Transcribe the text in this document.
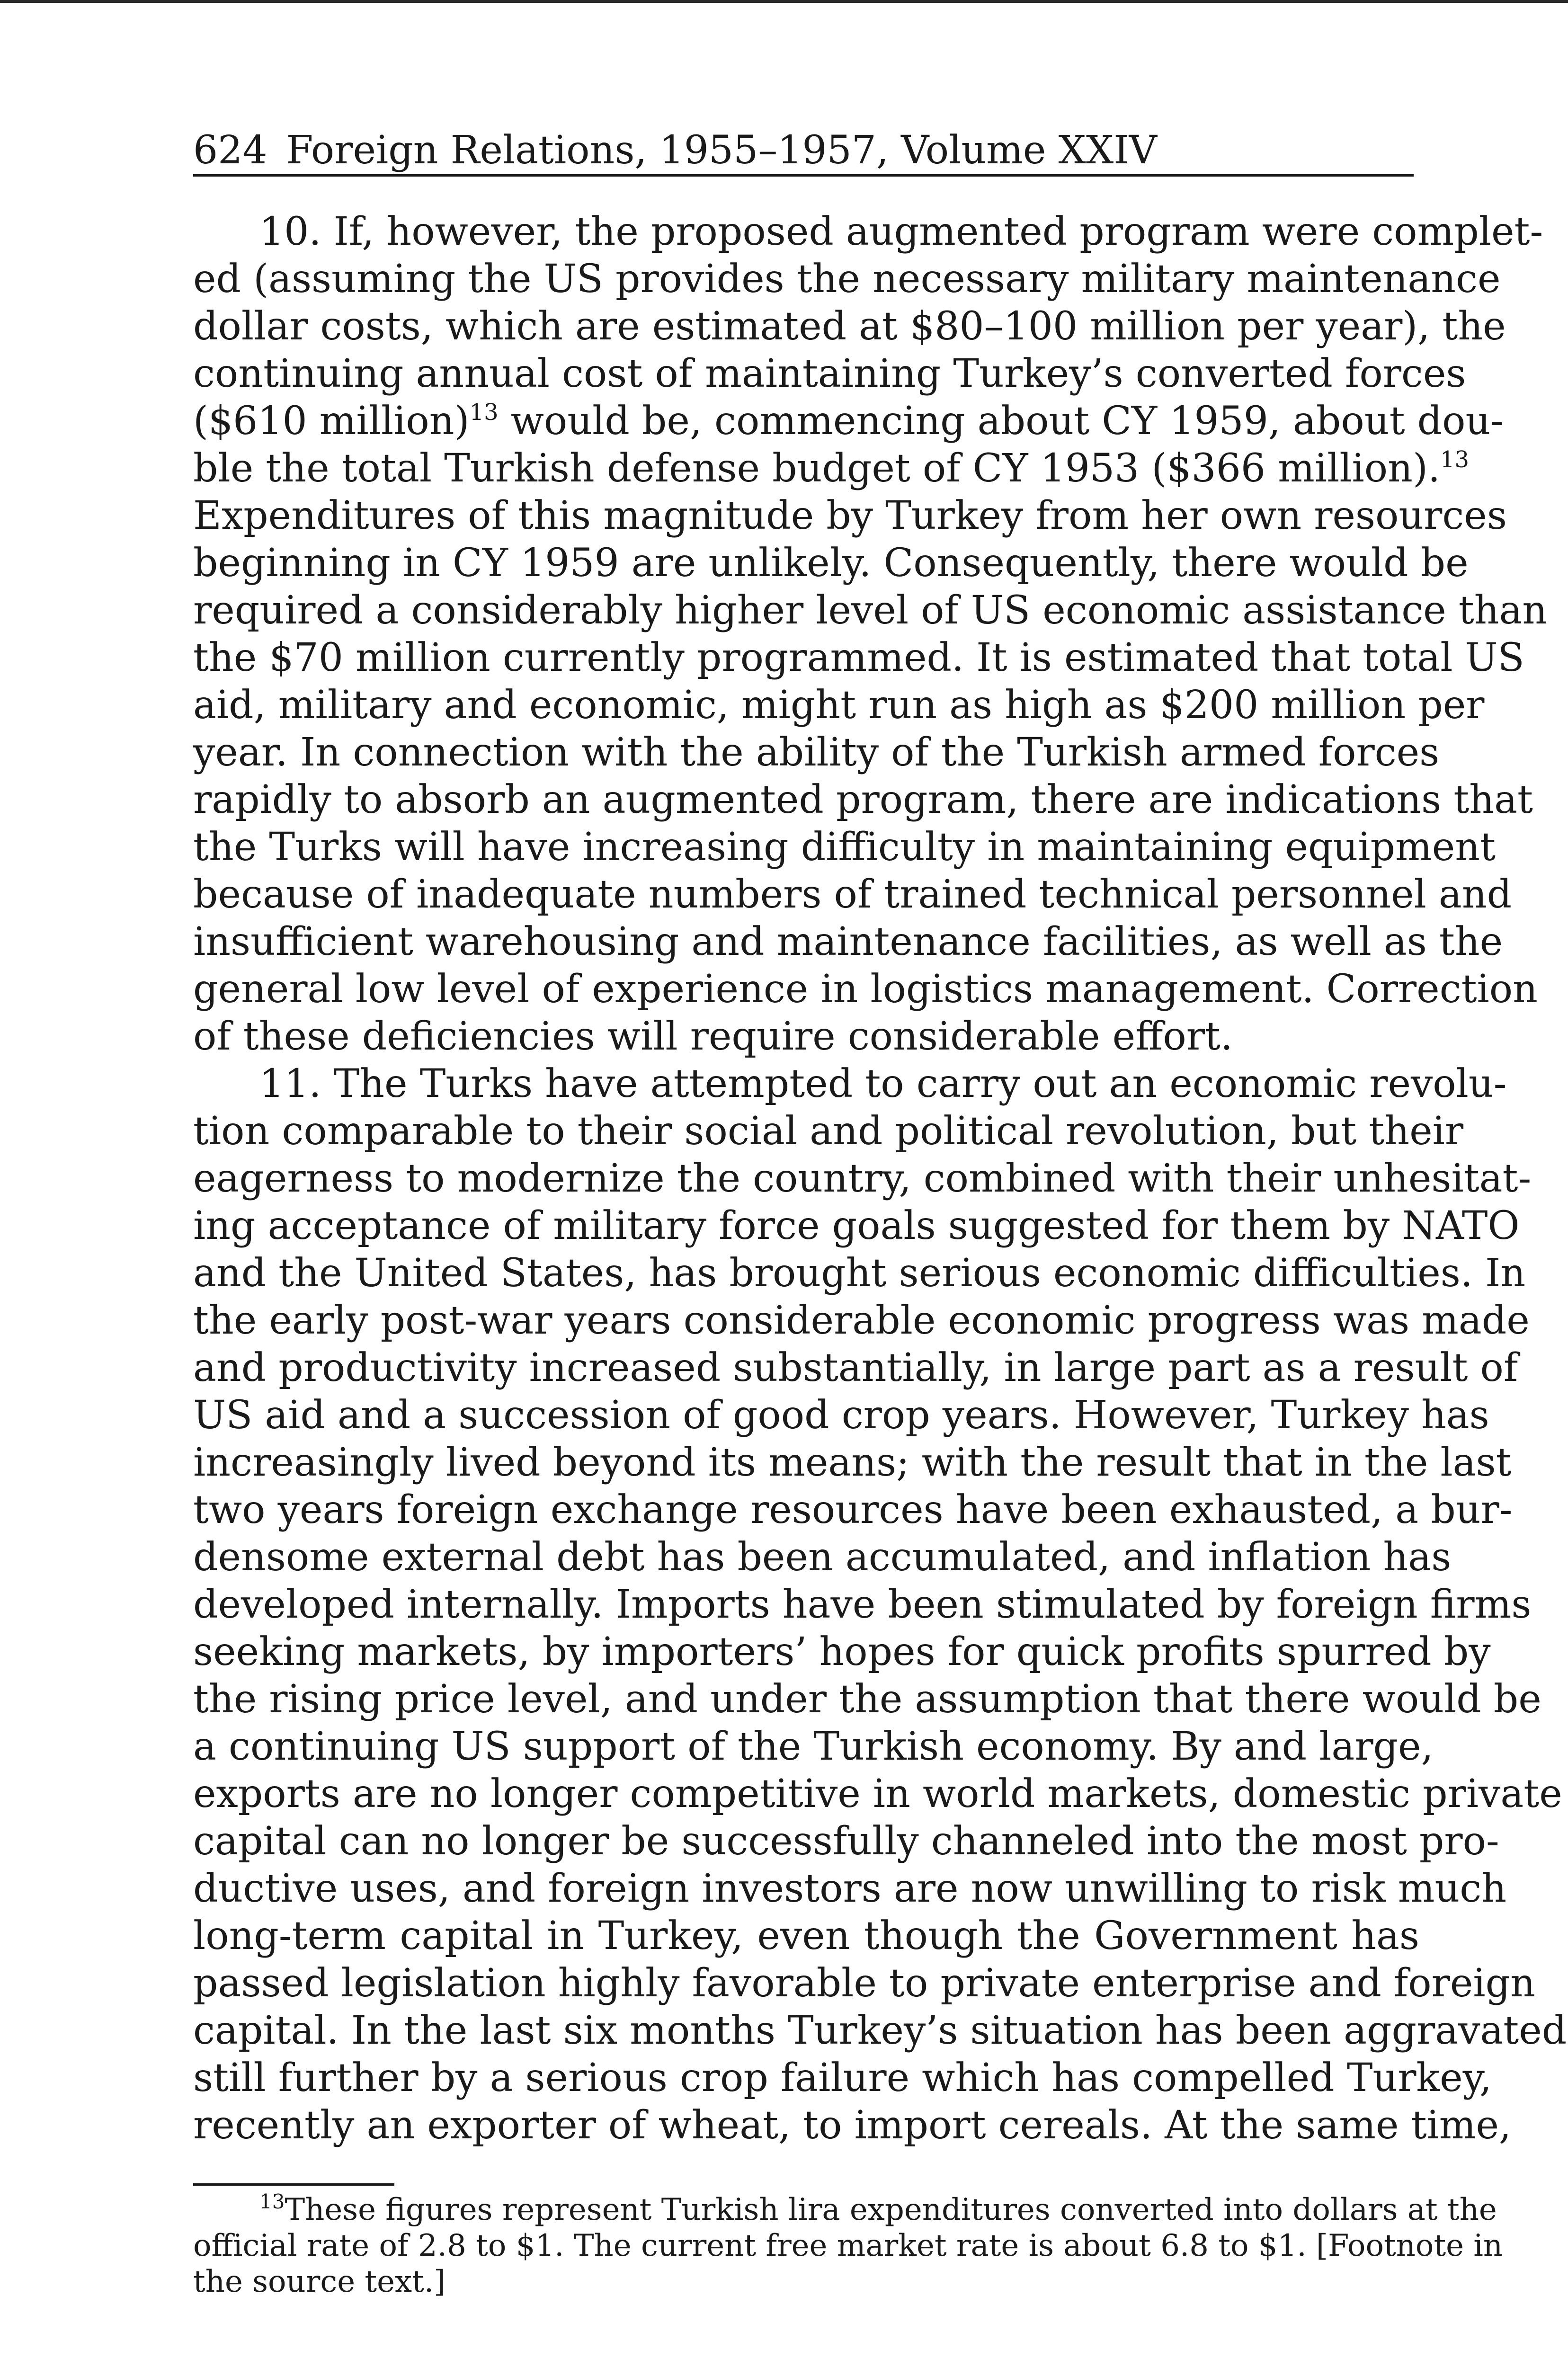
624 Foreign Relations, 1955–1957, Volume XXIV
10. If, however, the proposed augmented program were complet-
ed (assuming the US provides the necessary military maintenance
dollar costs, which are estimated at $80–100 million per year), the
continuing annual cost of maintaining Turkey’s converted forces
($610 million)$^{13}$ would be, commencing about CY 1959, about dou-
ble the total Turkish defense budget of CY 1953 ($366 million).$^{13}$
Expenditures of this magnitude by Turkey from her own resources
beginning in CY 1959 are unlikely. Consequently, there would be
required a considerably higher level of US economic assistance than
the $70 million currently programmed. It is estimated that total US
aid, military and economic, might run as high as $200 million per
year. In connection with the ability of the Turkish armed forces
rapidly to absorb an augmented program, there are indications that
the Turks will have increasing difficulty in maintaining equipment
because of inadequate numbers of trained technical personnel and
insufficient warehousing and maintenance facilities, as well as the
general low level of experience in logistics management. Correction
of these deficiencies will require considerable effort.
11. The Turks have attempted to carry out an economic revolu-
tion comparable to their social and political revolution, but their
eagerness to modernize the country, combined with their unhesitat-
ing acceptance of military force goals suggested for them by NATO
and the United States, has brought serious economic difficulties. In
the early post-war years considerable economic progress was made
and productivity increased substantially, in large part as a result of
US aid and a succession of good crop years. However, Turkey has
increasingly lived beyond its means; with the result that in the last
two years foreign exchange resources have been exhausted, a bur-
densome external debt has been accumulated, and inflation has
developed internally. Imports have been stimulated by foreign firms
seeking markets, by importers’ hopes for quick profits spurred by
the rising price level, and under the assumption that there would be
a continuing US support of the Turkish economy. By and large,
exports are no longer competitive in world markets, domestic private
capital can no longer be successfully channeled into the most pro-
ductive uses, and foreign investors are now unwilling to risk much
long-term capital in Turkey, even though the Government has
passed legislation highly favorable to private enterprise and foreign
capital. In the last six months Turkey’s situation has been aggravated
still further by a serious crop failure which has compelled Turkey,
recently an exporter of wheat, to import cereals. At the same time,
$^{13}$These figures represent Turkish lira expenditures converted into dollars at the
official rate of 2.8 to $1. The current free market rate is about 6.8 to $1. [Footnote in
the source text.]
